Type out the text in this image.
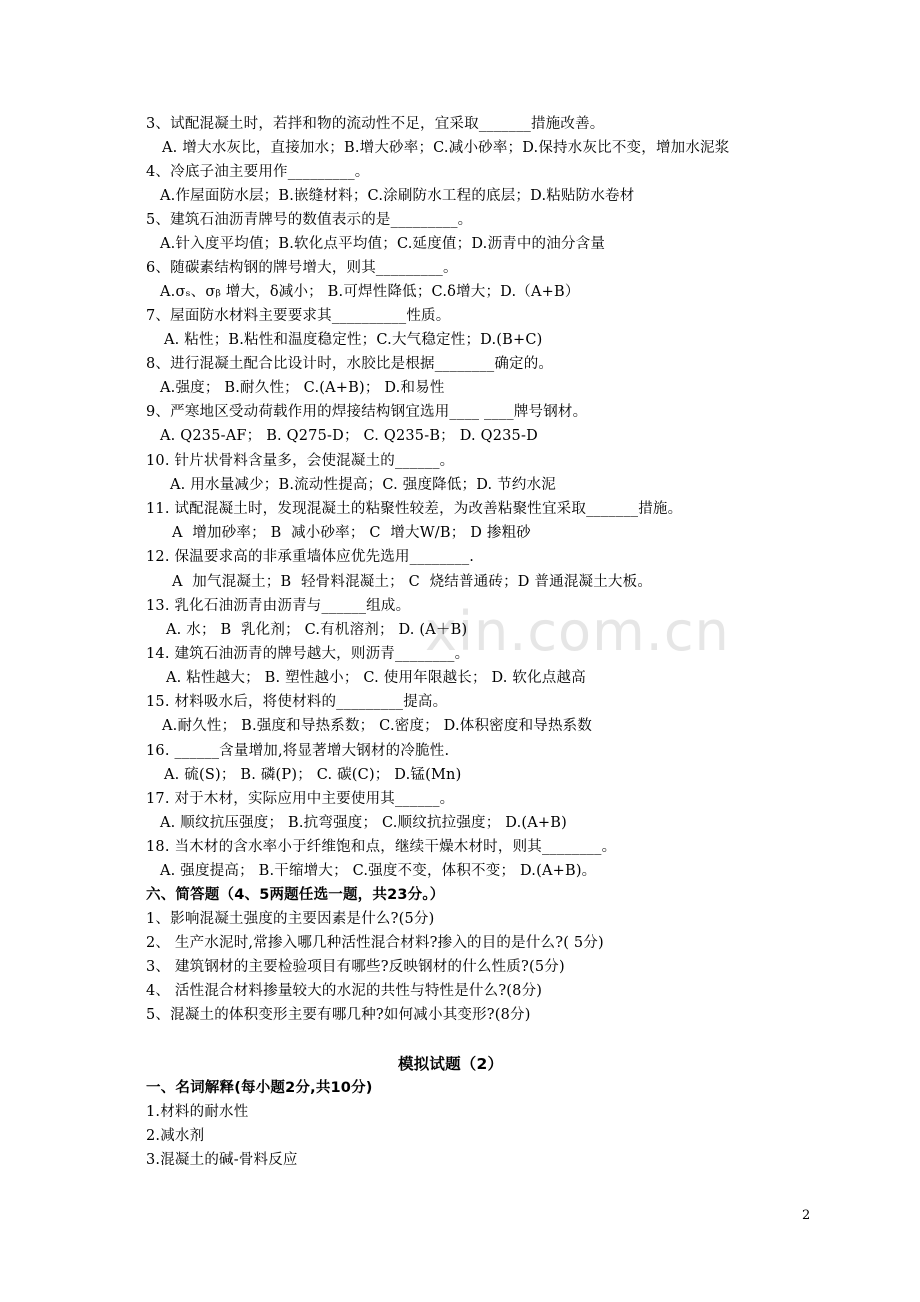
xin.com.cn
3、试配混凝土时，若拌和物的流动性不足，宜采取_______措施改善。
A. 增大水灰比，直接加水；B.增大砂率；C.减小砂率；D.保持水灰比不变，增加水泥浆
4、冷底子油主要用作_________。
A.作屋面防水层；B.嵌缝材料；C.涂刷防水工程的底层；D.粘贴防水卷材
5、建筑石油沥青牌号的数值表示的是_________。
A.针入度平均值；B.软化点平均值；C.延度值；D.沥青中的油分含量
6、随碳素结构钢的牌号增大，则其_________。
A.σₛ、σᵦ 增大，δ减小； B.可焊性降低；C.δ增大；D.（A+B）
7、屋面防水材料主要要求其__________性质。
A. 粘性；B.粘性和温度稳定性；C.大气稳定性；D.(B+C)
8、进行混凝土配合比设计时，水胶比是根据________确定的。
A.强度； B.耐久性； C.(A+B)； D.和易性
9、严寒地区受动荷载作用的焊接结构钢宜选用____ ____牌号钢材。
A. Q235-AF； B. Q275-D； C. Q235-B； D. Q235-D
10. 针片状骨料含量多，会使混凝土的______。
A. 用水量减少；B.流动性提高；C. 强度降低；D. 节约水泥
11. 试配混凝土时，发现混凝土的粘聚性较差，为改善粘聚性宜采取_______措施。
A  增加砂率； B  减小砂率； C  增大W/B； D 掺粗砂
12. 保温要求高的非承重墙体应优先选用________.
A  加气混凝土；B  轻骨料混凝土； C  烧结普通砖；D 普通混凝土大板。
13. 乳化石油沥青由沥青与______组成。
A. 水； B  乳化剂； C.有机溶剂； D. (A＋B)
14. 建筑石油沥青的牌号越大，则沥青________。
A. 粘性越大； B. 塑性越小； C. 使用年限越长； D. 软化点越高
15. 材料吸水后，将使材料的_________提高。
A.耐久性； B.强度和导热系数； C.密度； D.体积密度和导热系数
16. ______含量增加,将显著增大钢材的冷脆性.
A. 硫(S)； B. 磷(P)； C. 碳(C)； D.锰(Mn)
17. 对于木材，实际应用中主要使用其______。
A. 顺纹抗压强度； B.抗弯强度； C.顺纹抗拉强度； D.(A+B)
18. 当木材的含水率小于纤维饱和点，继续干燥木材时，则其________。
A. 强度提高； B.干缩增大； C.强度不变，体积不变； D.(A+B)。
六、简答题（4、5两题任选一题，共23分。）
1、影响混凝土强度的主要因素是什么?(5分)
2、 生产水泥时,常掺入哪几种活性混合材料?掺入的目的是什么?( 5分)
3、 建筑钢材的主要检验项目有哪些?反映钢材的什么性质?(5分)
4、 活性混合材料掺量较大的水泥的共性与特性是什么?(8分)
5、混凝土的体积变形主要有哪几种?如何减小其变形?(8分)
模拟试题（2）
一、名词解释(每小题2分,共10分)
1.材料的耐水性
2.减水剂
3.混凝土的碱-骨料反应
2
